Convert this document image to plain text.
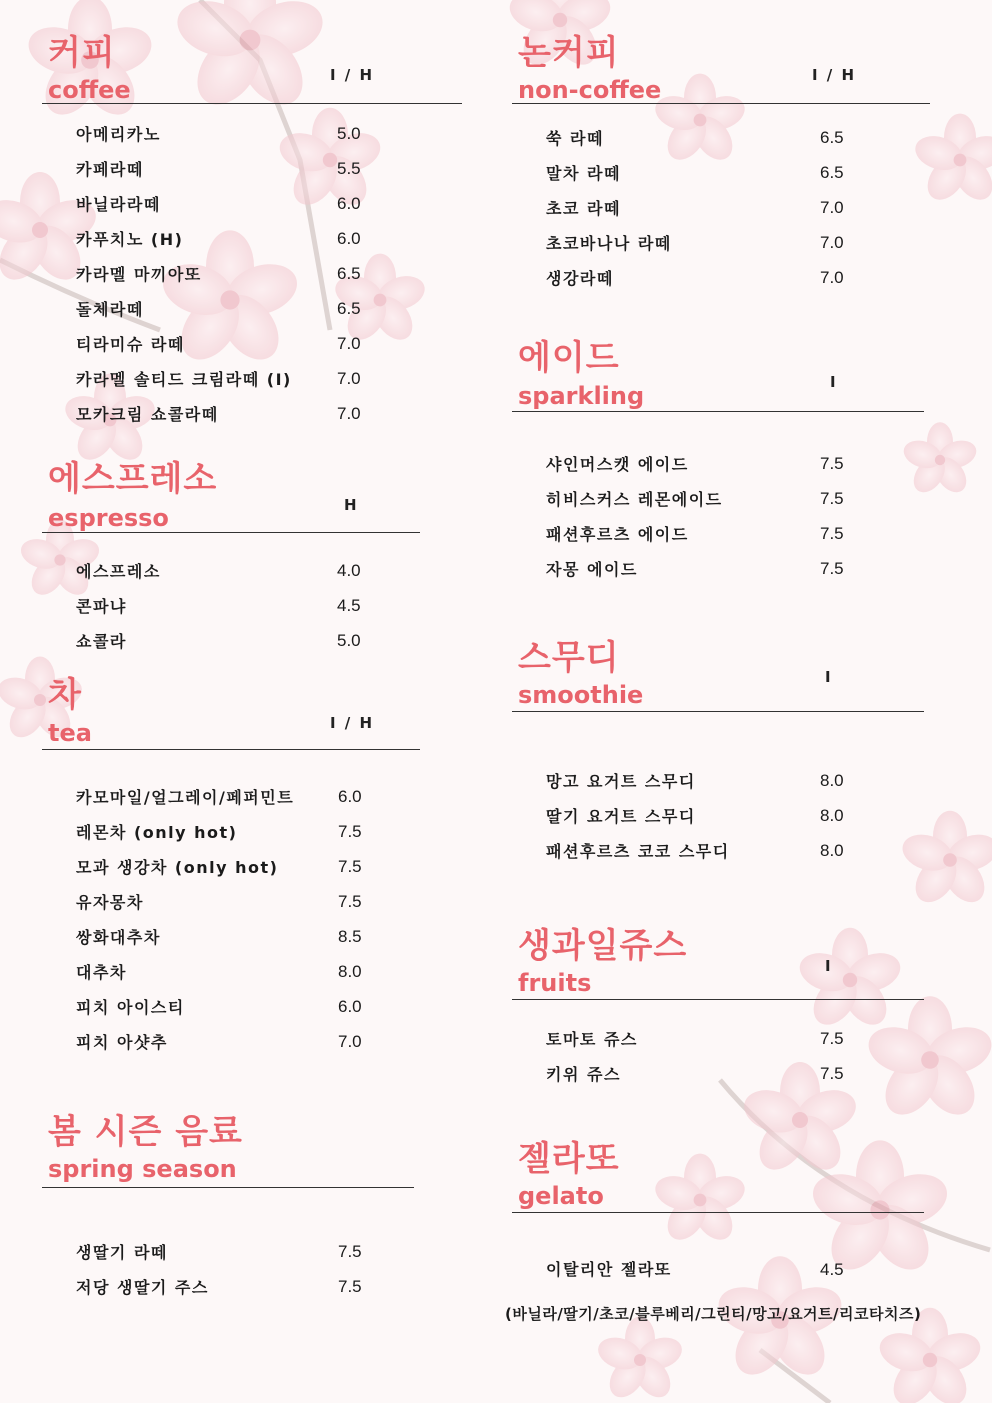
커피
coffee
I / H
아메리카노	5.0
카페라떼	5.5
바닐라라떼	6.0
카푸치노 (H)	6.0
카라멜 마끼아또	6.5
돌체라떼	6.5
티라미슈 라떼	7.0
카라멜 솔티드 크림라떼 (I)	7.0
모카크림 쇼콜라떼	7.0
에스프레소
espresso	H
에스프레소	4.0
콘파냐	4.5
쇼콜라	5.0
차
tea	I / H
카모마일/얼그레이/페퍼민트	6.0
레몬차 (only hot)	7.5
모과 생강차 (only hot)	7.5
유자몽차	7.5
쌍화대추차	8.5
대추차	8.0
피치 아이스티	6.0
피치 아샷추	7.0
봄 시즌 음료
spring season
생딸기 라떼	7.5
저당 생딸기 주스	7.5
논커피
non-coffee
I / H
쑥 라떼	6.5
말차 라떼	6.5
초코 라떼	7.0
초코바나나 라떼	7.0
생강라떼	7.0
에이드
sparkling	I
샤인머스캣 에이드	7.5
히비스커스 레몬에이드	7.5
패션후르츠 에이드	7.5
자몽 에이드	7.5
스무디
smoothie
I
망고 요거트 스무디	8.0
딸기 요거트 스무디	8.0
패션후르츠 코코 스무디	8.0
생과일쥬스
fruits
I
토마토 쥬스	7.5
키위 쥬스	7.5
젤라또
gelato
이탈리안 젤라또	4.5
(바닐라/딸기/초코/블루베리/그린티/망고/요거트/리코타치즈)
